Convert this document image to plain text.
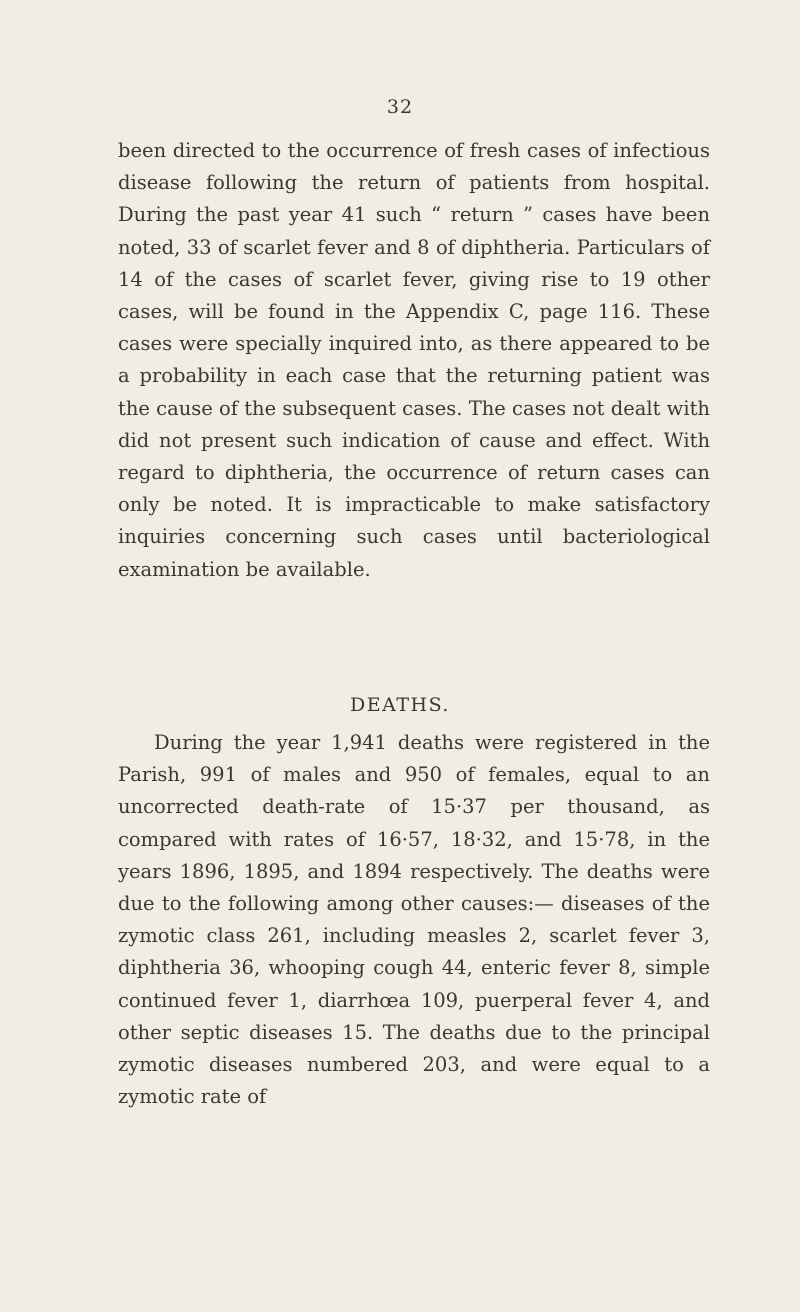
32

been directed to the occurrence of fresh cases of infectious disease following the return of patients from hospital. During the past year 41 such “ return ” cases have been noted, 33 of scarlet fever and 8 of diphtheria. Particulars of 14 of the cases of scarlet fever, giving rise to 19 other cases, will be found in the Appendix C, page 116. These cases were specially inquired into, as there appeared to be a probability in each case that the returning patient was the cause of the subsequent cases. The cases not dealt with did not present such indication of cause and effect. With regard to diphtheria, the occurrence of return cases can only be noted. It is impracticable to make satisfactory inquiries concerning such cases until bacteriological examination be available.

DEATHS.

During the year 1,941 deaths were registered in the Parish, 991 of males and 950 of females, equal to an uncorrected death-rate of 15·37 per thousand, as compared with rates of 16·57, 18·32, and 15·78, in the years 1896, 1895, and 1894 respectively. The deaths were due to the following among other causes:— diseases of the zymotic class 261, including measles 2, scarlet fever 3, diphtheria 36, whooping cough 44, enteric fever 8, simple continued fever 1, diarrhœa 109, puerperal fever 4, and other septic diseases 15. The deaths due to the principal zymotic diseases numbered 203, and were equal to a zymotic rate of
